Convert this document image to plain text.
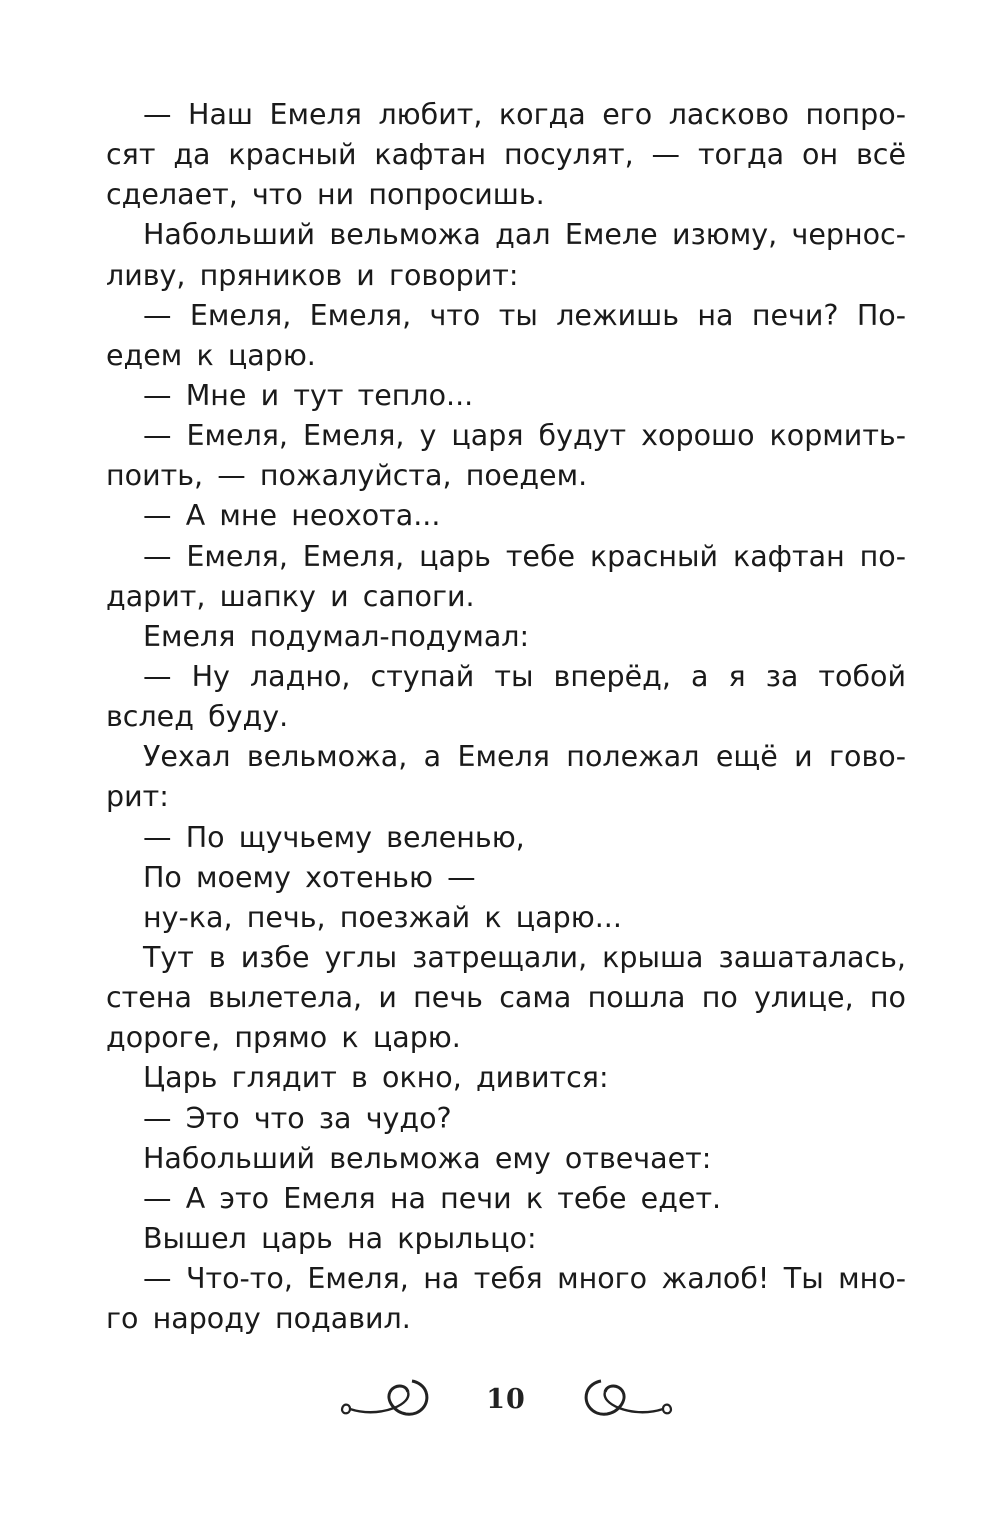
— Наш Емеля любит, когда его ласково попро-
сят да красный кафтан посулят, — тогда он всё
сделает, что ни попросишь.
Набольший вельможа дал Емеле изюму, чернос-
ливу, пряников и говорит:
— Емеля, Емеля, что ты лежишь на печи? По-
едем к царю.
— Мне и тут тепло...
— Емеля, Емеля, у царя будут хорошо кормить-
поить, — пожалуйста, поедем.
— А мне неохота...
— Емеля, Емеля, царь тебе красный кафтан по-
дарит, шапку и сапоги.
Емеля подумал-подумал:
— Ну ладно, ступай ты вперёд, а я за тобой
вслед буду.
Уехал вельможа, а Емеля полежал ещё и гово-
рит:
— По щучьему веленью,
По моему хотенью —
ну-ка, печь, поезжай к царю...
Тут в избе углы затрещали, крыша зашаталась,
стена вылетела, и печь сама пошла по улице, по
дороге, прямо к царю.
Царь глядит в окно, дивится:
— Это что за чудо?
Набольший вельможа ему отвечает:
— А это Емеля на печи к тебе едет.
Вышел царь на крыльцо:
— Что-то, Емеля, на тебя много жалоб! Ты мно-
го народу подавил.
10
